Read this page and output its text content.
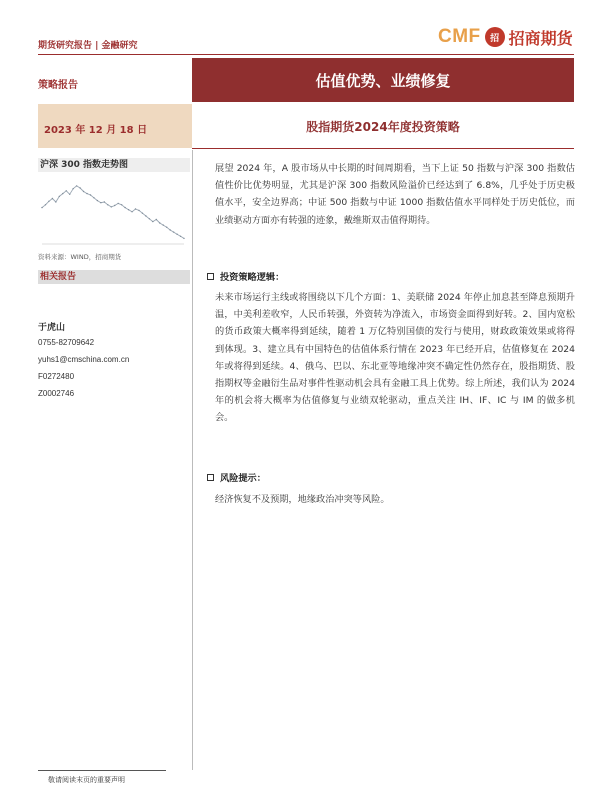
期货研究报告 | 金融研究	CMF	招 招商期货
策略报告	估值优势、业绩修复
2023 年 12 月 18 日	股指期货2024年度投资策略
沪深 300 指数走势图
资料来源：WIND，招商期货
相关报告
于虎山
0755-82709642
yuhs1@cmschina.com.cn
F0272480
Z0002746
展望 2024 年，A 股市场从中长期的时间周期看，当下上证 50 指数与沪深 300 指数估值性价比优势明显，尤其是沪深 300 指数风险溢价已经达到了 6.8%，几乎处于历史极值水平，安全边界高；中证 500 指数与中证 1000 指数估值水平同样处于历史低位，而业绩驱动方面亦有转强的迹象，戴维斯双击值得期待。
投资策略逻辑：
未来市场运行主线或将围绕以下几个方面：1、美联储 2024 年停止加息甚至降息预期升温，中美利差收窄，人民币转强，外资转为净流入，市场资金面得到好转。2、国内宽松的货币政策大概率得到延续，随着 1 万亿特别国债的发行与使用，财政政策效果或将得到体现。3、建立具有中国特色的估值体系行情在 2023 年已经开启，估值修复在 2024 年或将得到延续。4、俄乌、巴以、东北亚等地缘冲突不确定性仍然存在，股指期货、股指期权等金融衍生品对事件性驱动机会具有金融工具上优势。综上所述，我们认为 2024 年的机会将大概率为估值修复与业绩双轮驱动，重点关注 IH、IF、IC 与 IM 的做多机会。
风险提示：
经济恢复不及预期，地缘政治冲突等风险。
敬请阅读末页的重要声明
